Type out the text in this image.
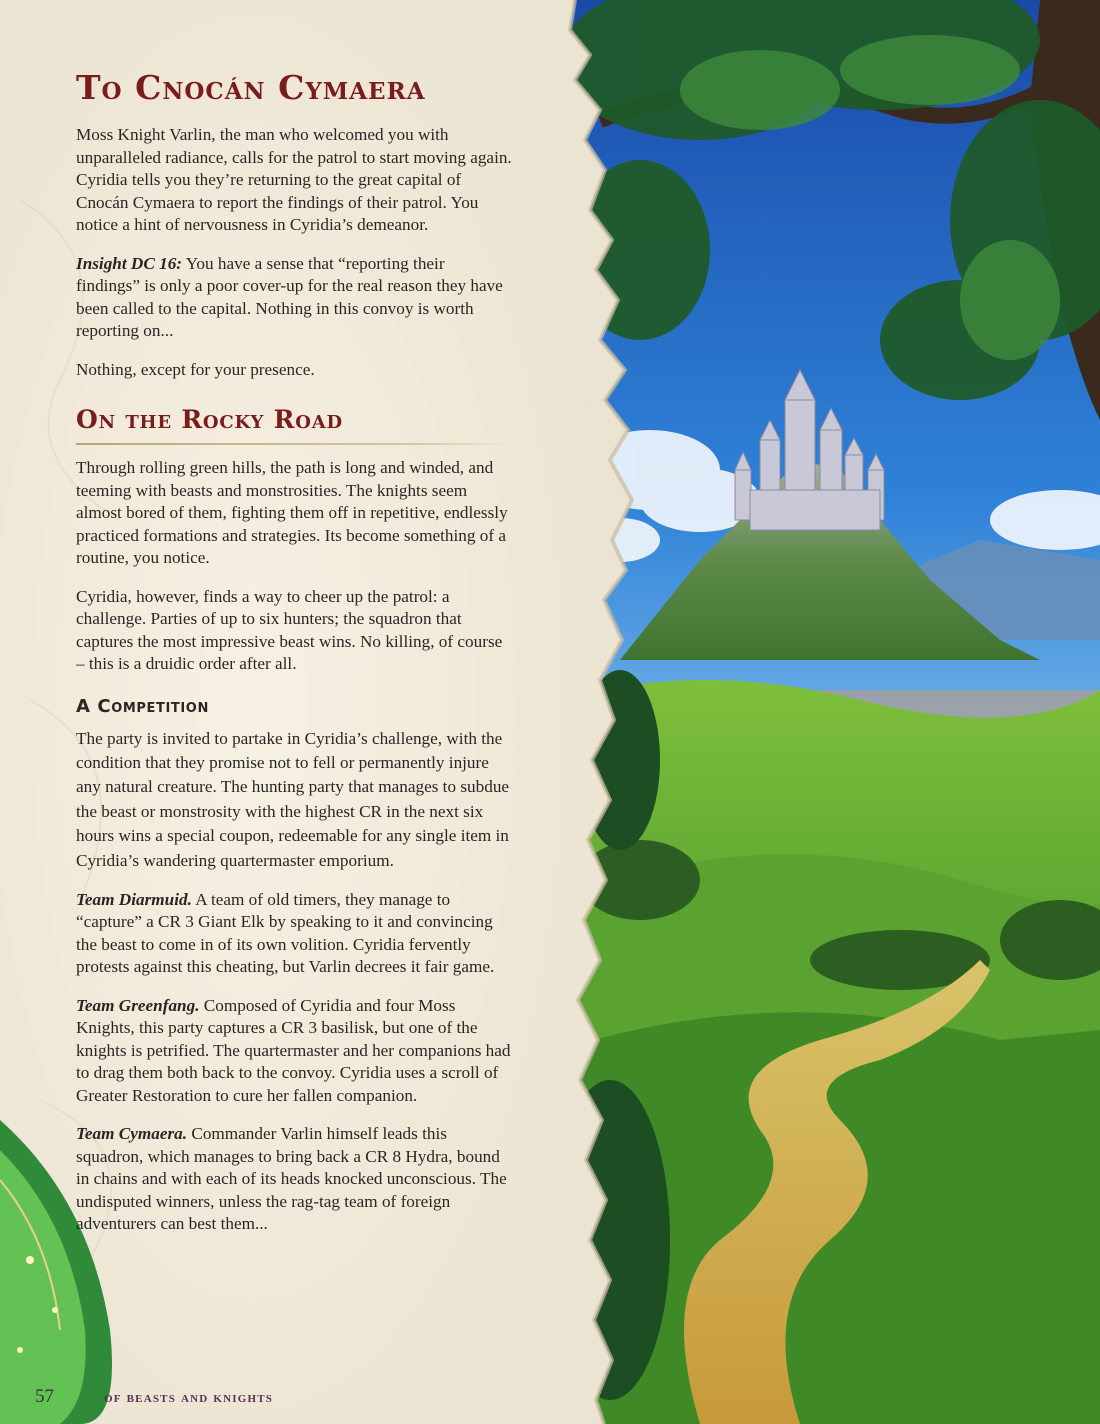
To Cnocán Cymaera

Moss Knight Varlin, the man who welcomed you with unparalleled radiance, calls for the patrol to start moving again. Cyridia tells you they’re returning to the great capital of Cnocán Cymaera to report the findings of their patrol. You notice a hint of nervousness in Cyridia’s demeanor.

Insight DC 16: You have a sense that “reporting their findings” is only a poor cover-up for the real reason they have been called to the capital. Nothing in this convoy is worth reporting on...

Nothing, except for your presence.

On the Rocky Road

Through rolling green hills, the path is long and winded, and teeming with beasts and monstrosities. The knights seem almost bored of them, fighting them off in repetitive, endlessly practiced formations and strategies. Its become something of a routine, you notice.

Cyridia, however, finds a way to cheer up the patrol: a challenge. Parties of up to six hunters; the squadron that captures the most impressive beast wins. No killing, of course – this is a druidic order after all.

A Competition

The party is invited to partake in Cyridia’s challenge, with the condition that they promise not to fell or permanently injure any natural creature. The hunting party that manages to subdue the beast or monstrosity with the highest CR in the next six hours wins a special coupon, redeemable for any single item in Cyridia’s wandering quartermaster emporium.

Team Diarmuid. A team of old timers, they manage to “capture” a CR 3 Giant Elk by speaking to it and convincing the beast to come in of its own volition. Cyridia fervently protests against this cheating, but Varlin decrees it fair game.

Team Greenfang. Composed of Cyridia and four Moss Knights, this party captures a CR 3 basilisk, but one of the knights is petrified. The quartermaster and her companions had to drag them both back to the convoy. Cyridia uses a scroll of Greater Restoration to cure her fallen companion.

Team Cymaera. Commander Varlin himself leads this squadron, which manages to bring back a CR 8 Hydra, bound in chains and with each of its heads knocked unconscious. The undisputed winners, unless the rag-tag team of foreign adventurers can best them...

57	of beasts and knights
